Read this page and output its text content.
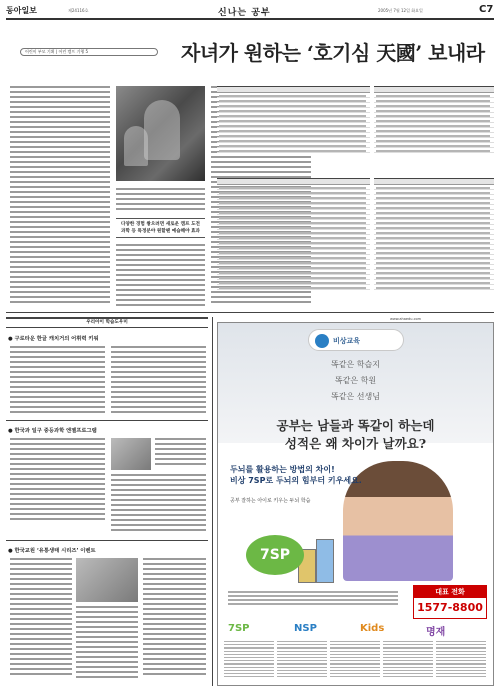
동아일보	제24116호	신나는 공부	2005년 7월 12일 화요일	C7
어린이 부모 기획 | 어린 캠프 기행 5	자녀가 원하는 ‘호기심 天國’ 보내라
다양한 경험 쌓으려면 새로운 캠프 도전
과학 등 특정분야 원할땐 예습해야 효과
우리아이 학습도우미
● 구로타운 한글 캐치거의 어휘력 키워
● 한국과 일구 중등과학 엔젤프로그램
● 한국교원 ‘유통생태 시리즈’ 이벤트
www.ahaedu.com
비상교육
똑같은 학습지
똑같은 학원
똑같은 선생님
공부는 남들과 똑같이 하는데
성적은 왜 차이가 날까요?
두뇌를 활용하는 방법의 차이!
비상 7SP로 두뇌의 힘부터 키우세요.
공부 잘하는 아이로 키우는 두뇌 학습
7SP
대표 전화
1577-8800
7SP	NSP	Kids	명재
